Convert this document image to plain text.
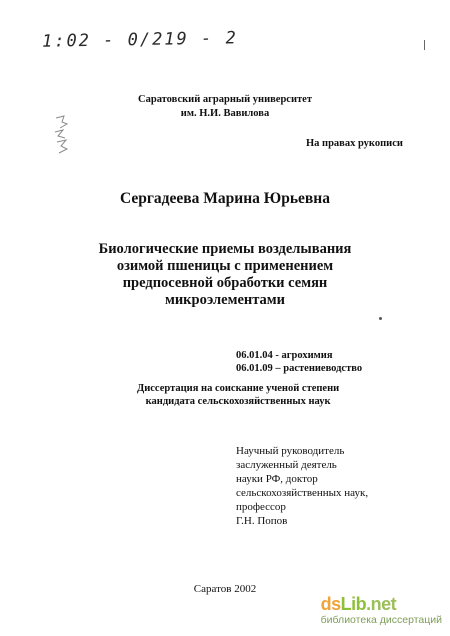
1:02 - 0/219 - 2
Саратовский аграрный университет
им. Н.И. Вавилова
На правах рукописи
Сергадеева Марина Юрьевна
Биологические приемы возделывания
озимой пшеницы с применением
предпосевной обработки семян
микроэлементами
06.01.04 - агрохимия
06.01.09 – растениеводство
Диссертация на соискание ученой степени
кандидата сельскохозяйственных наук
Научный руководитель
заслуженный деятель
науки РФ, доктор
сельскохозяйственных наук,
профессор
Г.Н. Попов
Саратов 2002
dsLib.net
библиотека диссертаций
